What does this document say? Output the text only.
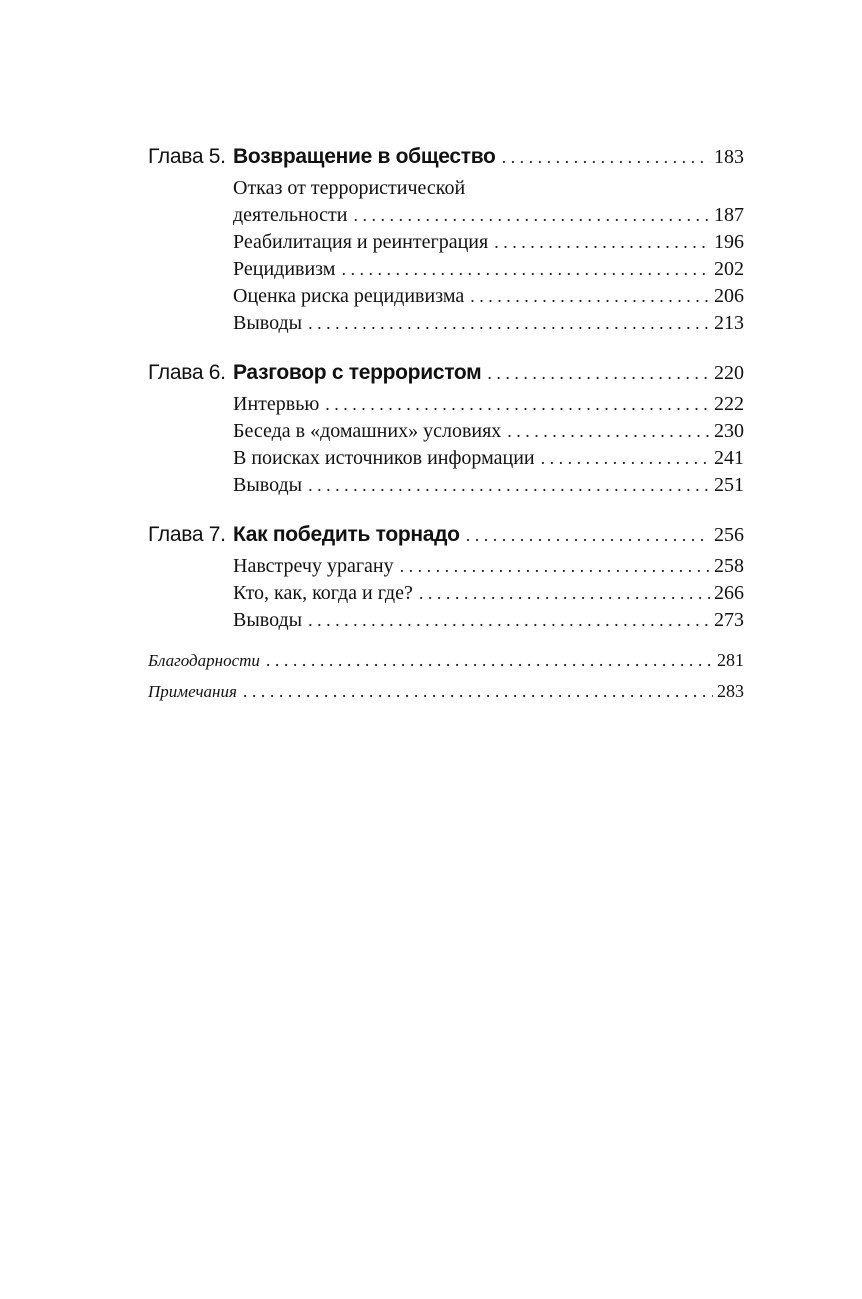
Глава 5. Возвращение в общество . . .	183
Отказ от террористической
деятельности . . .	187
Реабилитация и реинтеграция . . .	196
Рецидивизм . . .	202
Оценка риска рецидивизма . . .	206
Выводы . . .	213
Глава 6. Разговор с террористом . . .	220
Интервью . . .	222
Беседа в «домашних» условиях . . .	230
В поисках источников информации . . .	241
Выводы . . .	251
Глава 7. Как победить торнадо . . .	256
Навстречу урагану . . .	258
Кто, как, когда и где? . . .	266
Выводы . . .	273
Благодарности . . .	281
Примечания . . .	283
